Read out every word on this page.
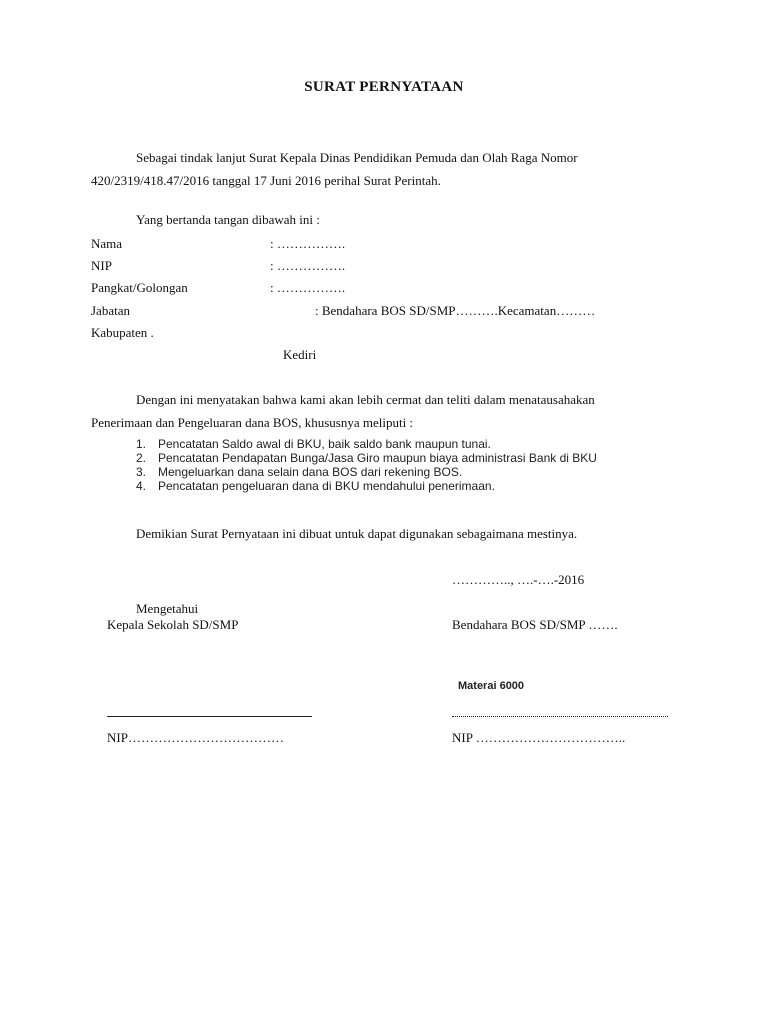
SURAT PERNYATAAN
Sebagai tindak lanjut Surat Kepala Dinas Pendidikan Pemuda dan Olah Raga Nomor
420/2319/418.47/2016 tanggal 17 Juni 2016 perihal Surat Perintah.
Yang bertanda tangan dibawah ini :
Nama	: …………….
NIP	: …………….
Pangkat/Golongan	: …………….
Jabatan	: Bendahara BOS SD/SMP……….Kecamatan………
Kabupaten .
Kediri
Dengan ini menyatakan bahwa kami akan lebih cermat dan teliti dalam menatausahakan
Penerimaan dan Pengeluaran dana BOS, khususnya meliputi :
1. Pencatatan Saldo awal di BKU, baik saldo bank maupun tunai.
2. Pencatatan Pendapatan Bunga/Jasa Giro maupun biaya administrasi Bank di BKU
3. Mengeluarkan dana selain dana BOS dari rekening BOS.
4. Pencatatan pengeluaran dana di BKU mendahului penerimaan.
Demikian Surat Pernyataan ini dibuat untuk dapat digunakan sebagaimana mestinya.
………….., ….-….-2016
Mengetahui
Kepala Sekolah SD/SMP	Bendahara BOS SD/SMP …….
Materai 6000
NIP………………………………	NIP ……………………………..
